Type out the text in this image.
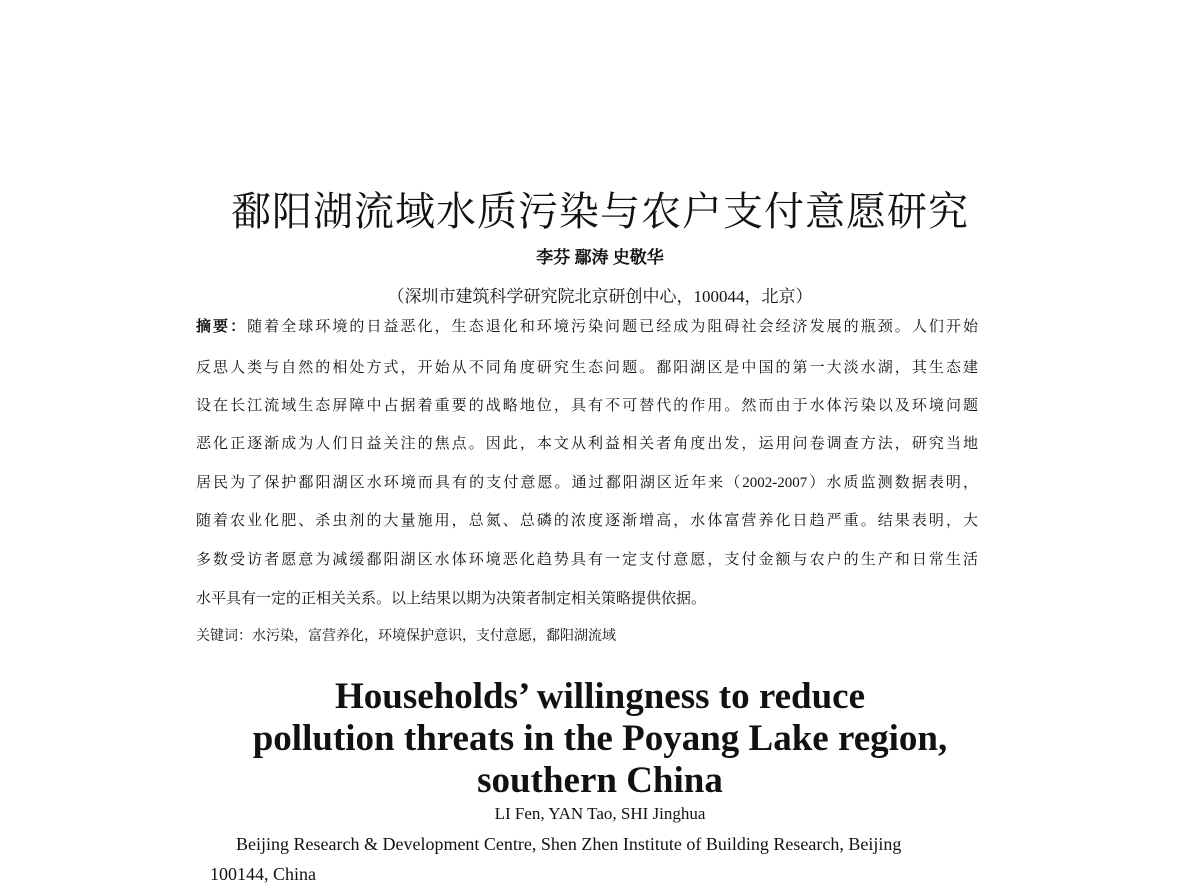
鄱阳湖流域水质污染与农户支付意愿研究
李芬 鄢涛 史敬华
（深圳市建筑科学研究院北京研创中心，100044，北京）
摘要：随着全球环境的日益恶化，生态退化和环境污染问题已经成为阻碍社会经济发展的瓶颈。人们开始
反思人类与自然的相处方式，开始从不同角度研究生态问题。鄱阳湖区是中国的第一大淡水湖，其生态建
设在长江流域生态屏障中占据着重要的战略地位，具有不可替代的作用。然而由于水体污染以及环境问题
恶化正逐渐成为人们日益关注的焦点。因此，本文从利益相关者角度出发，运用问卷调查方法，研究当地
居民为了保护鄱阳湖区水环境而具有的支付意愿。通过鄱阳湖区近年来（2002-2007）水质监测数据表明，
随着农业化肥、杀虫剂的大量施用，总氮、总磷的浓度逐渐增高，水体富营养化日趋严重。结果表明，大
多数受访者愿意为减缓鄱阳湖区水体环境恶化趋势具有一定支付意愿，支付金额与农户的生产和日常生活
水平具有一定的正相关关系。以上结果以期为决策者制定相关策略提供依据。
关键词：水污染，富营养化，环境保护意识，支付意愿，鄱阳湖流域
Households’ willingness to reduce
pollution threats in the Poyang Lake region,
southern China
LI Fen, YAN Tao, SHI Jinghua
Beijing Research & Development Centre, Shen Zhen Institute of Building Research, Beijing
100144, China
